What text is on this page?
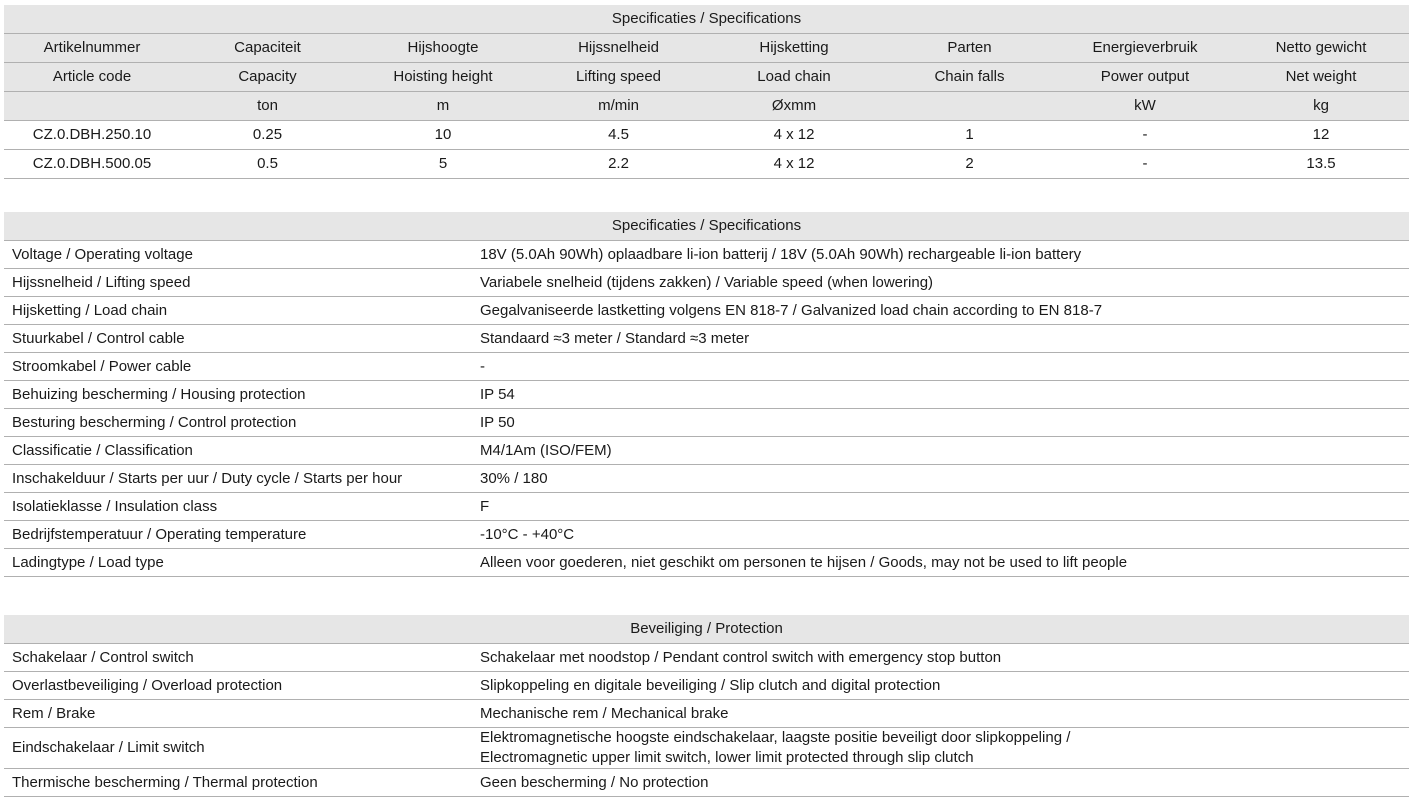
Specificaties / Specifications							
Artikelnummer	Capaciteit	Hijshoogte	Hijssnelheid	Hijsketting	Parten	Energieverbruik	Netto gewicht
Article code	Capacity	Hoisting height	Lifting speed	Load chain	Chain falls	Power output	Net weight
	ton	m	m/min	Øxmm		kW	kg
CZ.0.DBH.250.10	0.25	10	4.5	4 x 12	1	-	12
CZ.0.DBH.500.05	0.5	5	2.2	4 x 12	2	-	13.5
Specificaties / Specifications	
Voltage / Operating voltage	18V (5.0Ah 90Wh) oplaadbare li-ion batterij / 18V (5.0Ah 90Wh) rechargeable li-ion battery
Hijssnelheid / Lifting speed	Variabele snelheid (tijdens zakken) / Variable speed (when lowering)
Hijsketting / Load chain	Gegalvaniseerde lastketting volgens EN 818-7 / Galvanized load chain according to EN 818-7
Stuurkabel / Control cable	Standaard ≈3 meter / Standard ≈3 meter
Stroomkabel / Power cable	-
Behuizing bescherming / Housing protection	IP 54
Besturing bescherming / Control protection	IP 50
Classificatie / Classification	M4/1Am (ISO/FEM)
Inschakelduur / Starts per uur / Duty cycle / Starts per hour	30% / 180
Isolatieklasse / Insulation class	F
Bedrijfstemperatuur / Operating temperature	-10°C - +40°C
Ladingtype / Load type	Alleen voor goederen, niet geschikt om personen te hijsen / Goods, may not be used to lift people
Beveiliging / Protection	
Schakelaar / Control switch	Schakelaar met noodstop / Pendant control switch with emergency stop button
Overlastbeveiliging / Overload protection	Slipkoppeling en digitale beveiliging / Slip clutch and digital protection
Rem / Brake	Mechanische rem / Mechanical brake
Eindschakelaar / Limit switch	Elektromagnetische hoogste eindschakelaar, laagste positie beveiligt door slipkoppeling /
Electromagnetic upper limit switch, lower limit protected through slip clutch

Thermische bescherming / Thermal protection	Geen bescherming / No protection
